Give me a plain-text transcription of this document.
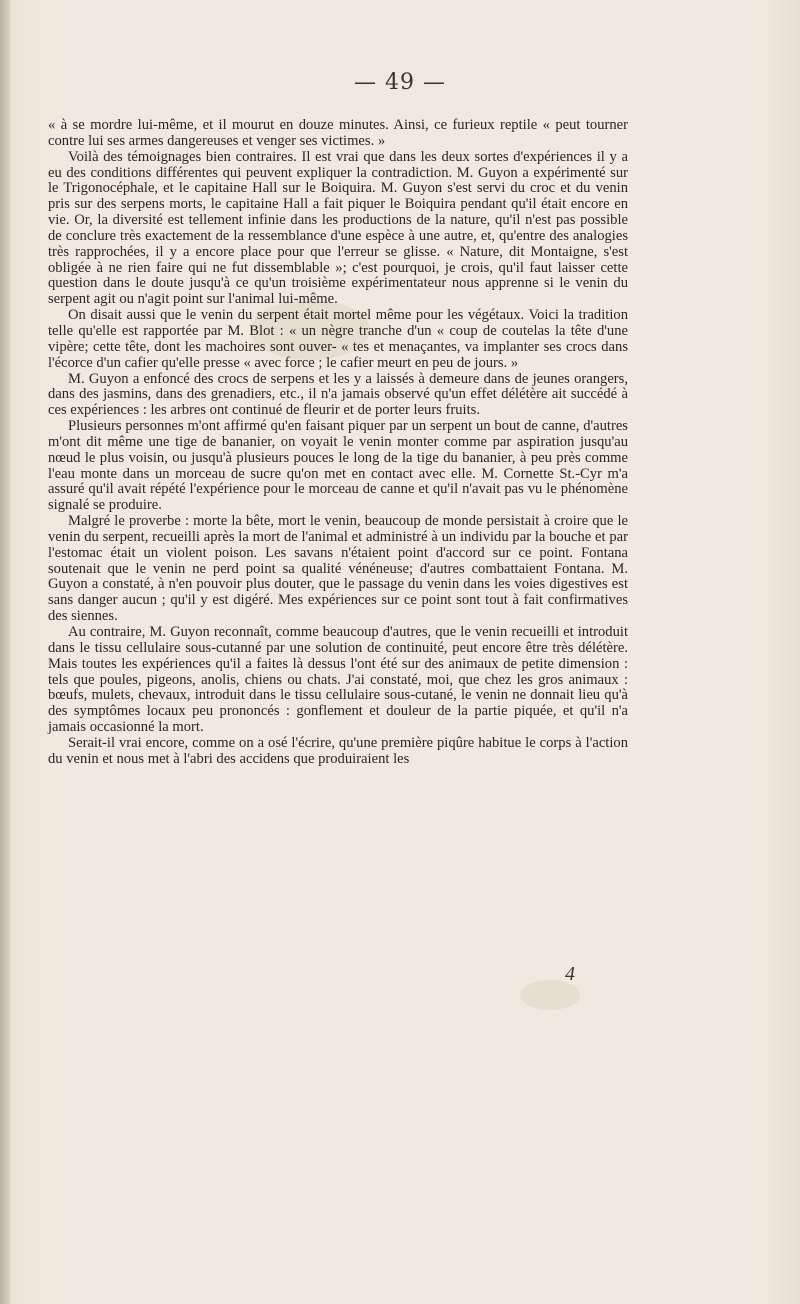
— 49 —

« à se mordre lui-même, et il mourut en douze minutes. Ainsi, ce furieux reptile « peut tourner contre lui ses armes dangereuses et venger ses victimes. »

Voilà des témoignages bien contraires. Il est vrai que dans les deux sortes d'expériences il y a eu des conditions différentes qui peuvent expliquer la contradiction. M. Guyon a expérimenté sur le Trigonocéphale, et le capitaine Hall sur le Boiquira. M. Guyon s'est servi du croc et du venin pris sur des serpens morts, le capitaine Hall a fait piquer le Boiquira pendant qu'il était encore en vie. Or, la diversité est tellement infinie dans les productions de la nature, qu'il n'est pas possible de conclure très exactement de la ressemblance d'une espèce à une autre, et, qu'entre des analogies très rapprochées, il y a encore place pour que l'erreur se glisse. « Nature, dit Montaigne, s'est obligée à ne rien faire qui ne fut dissemblable »; c'est pourquoi, je crois, qu'il faut laisser cette question dans le doute jusqu'à ce qu'un troisième expérimentateur nous apprenne si le venin du serpent agit ou n'agit point sur l'animal lui-même.

On disait aussi que le venin du serpent était mortel même pour les végétaux. Voici la tradition telle qu'elle est rapportée par M. Blot : « un nègre tranche d'un « coup de coutelas la tête d'une vipère; cette tête, dont les machoires sont ouver- « tes et menaçantes, va implanter ses crocs dans l'écorce d'un cafier qu'elle presse « avec force ; le cafier meurt en peu de jours. »

M. Guyon a enfoncé des crocs de serpens et les y a laissés à demeure dans de jeunes orangers, dans des jasmins, dans des grenadiers, etc., il n'a jamais observé qu'un effet délétère ait succédé à ces expériences : les arbres ont continué de fleurir et de porter leurs fruits.

Plusieurs personnes m'ont affirmé qu'en faisant piquer par un serpent un bout de canne, d'autres m'ont dit même une tige de bananier, on voyait le venin monter comme par aspiration jusqu'au nœud le plus voisin, ou jusqu'à plusieurs pouces le long de la tige du bananier, à peu près comme l'eau monte dans un morceau de sucre qu'on met en contact avec elle. M. Cornette St.-Cyr m'a assuré qu'il avait répété l'expérience pour le morceau de canne et qu'il n'avait pas vu le phénomène signalé se produire.

Malgré le proverbe : morte la bête, mort le venin, beaucoup de monde persistait à croire que le venin du serpent, recueilli après la mort de l'animal et administré à un individu par la bouche et par l'estomac était un violent poison. Les savans n'étaient point d'accord sur ce point. Fontana soutenait que le venin ne perd point sa qualité vénéneuse; d'autres combattaient Fontana. M. Guyon a constaté, à n'en pouvoir plus douter, que le passage du venin dans les voies digestives est sans danger aucun ; qu'il y est digéré. Mes expériences sur ce point sont tout à fait confirmatives des siennes.

Au contraire, M. Guyon reconnaît, comme beaucoup d'autres, que le venin recueilli et introduit dans le tissu cellulaire sous-cutanné par une solution de continuité, peut encore être très délétère. Mais toutes les expériences qu'il a faites là dessus l'ont été sur des animaux de petite dimension : tels que poules, pigeons, anolis, chiens ou chats. J'ai constaté, moi, que chez les gros animaux : bœufs, mulets, chevaux, introduit dans le tissu cellulaire sous-cutané, le venin ne donnait lieu qu'à des symptômes locaux peu prononcés : gonflement et douleur de la partie piquée, et qu'il n'a jamais occasionné la mort.

Serait-il vrai encore, comme on a osé l'écrire, qu'une première piqûre habitue le corps à l'action du venin et nous met à l'abri des accidens que produiraient les

4
